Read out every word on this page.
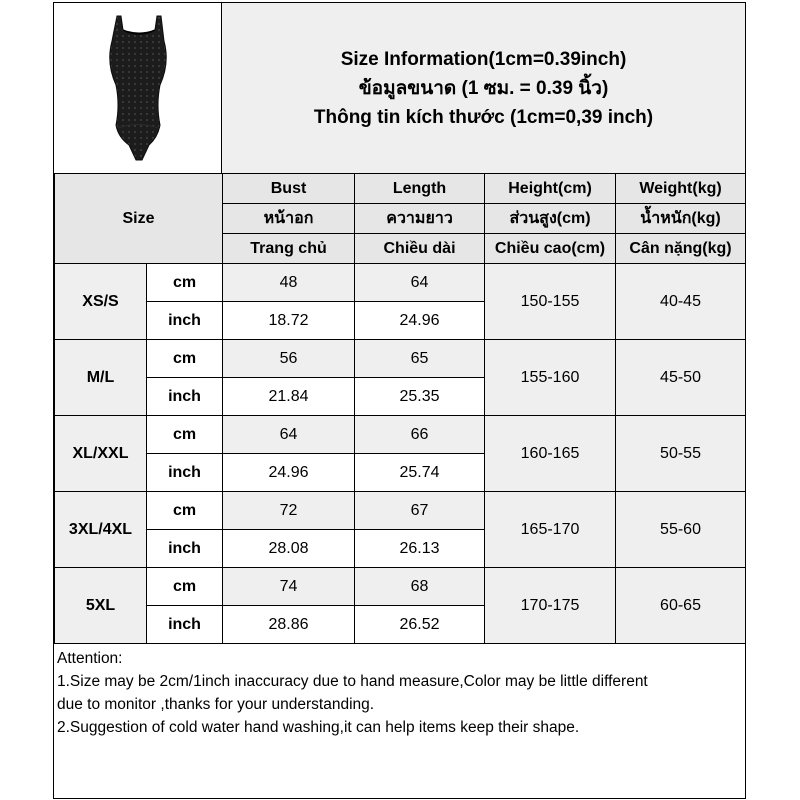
Size Information(1cm=0.39inch)
ข้อมูลขนาด (1 ซม. = 0.39 นิ้ว)
Thông tin kích thước (1cm=0,39 inch)
Size		Bust	Length	Height(cm)	Weight(kg)
		หน้าอก	ความยาว	ส่วนสูง(cm)	น้ำหนัก(kg)
		Trang chủ	Chiều dài	Chiều cao(cm)	Cân nặng(kg)
XS/S	cm	48	64	150-155	40-45
	inch	18.72	24.96		
M/L	cm	56	65	155-160	45-50
	inch	21.84	25.35		
XL/XXL	cm	64	66	160-165	50-55
	inch	24.96	25.74		
3XL/4XL	cm	72	67	165-170	55-60
	inch	28.08	26.13		
5XL	cm	74	68	170-175	60-65
	inch	28.86	26.52		
Attention:
1.Size may be 2cm/1inch inaccuracy due to hand measure,Color may be little different
due to monitor ,thanks for your understanding.
2.Suggestion of cold water hand washing,it can help items keep their shape.
